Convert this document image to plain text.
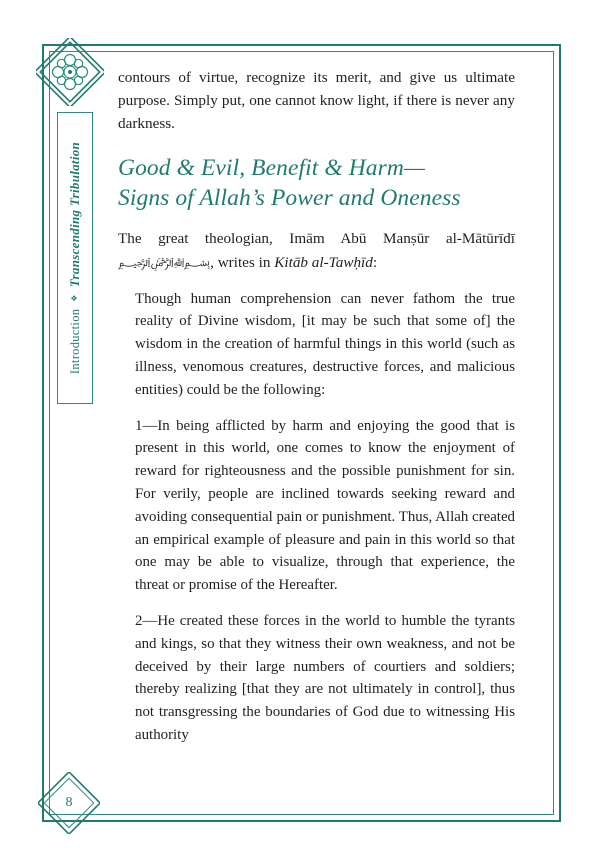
8
Introduction
❖
Transcending Tribulation

contours of virtue, recognize its merit, and give us ultimate purpose. Simply put, one cannot know light, if there is never any darkness.

Good & Evil, Benefit & Harm—
Signs of Allah’s Power and Oneness

The great theologian, Imām Abū Manṣūr al-Mātūrīdī ﷽, writes in Kitāb al-Tawḥīd:

Though human comprehension can never fathom the true reality of Divine wisdom, [it may be such that some of] the wisdom in the creation of harmful things in this world (such as illness, venomous creatures, destructive forces, and malicious entities) could be the following:

1—In being afflicted by harm and enjoying the good that is present in this world, one comes to know the enjoyment of reward for righteousness and the possible punishment for sin. For verily, people are inclined towards seeking reward and avoiding consequential pain or punishment. Thus, Allah created an empirical example of pleasure and pain in this world so that one may be able to visualize, through that experience, the threat or promise of the Hereafter.

2—He created these forces in the world to humble the tyrants and kings, so that they witness their own weakness, and not be deceived by their large numbers of courtiers and soldiers; thereby realizing [that they are not ultimately in control], thus not transgressing the boundaries of God due to witnessing His authority
